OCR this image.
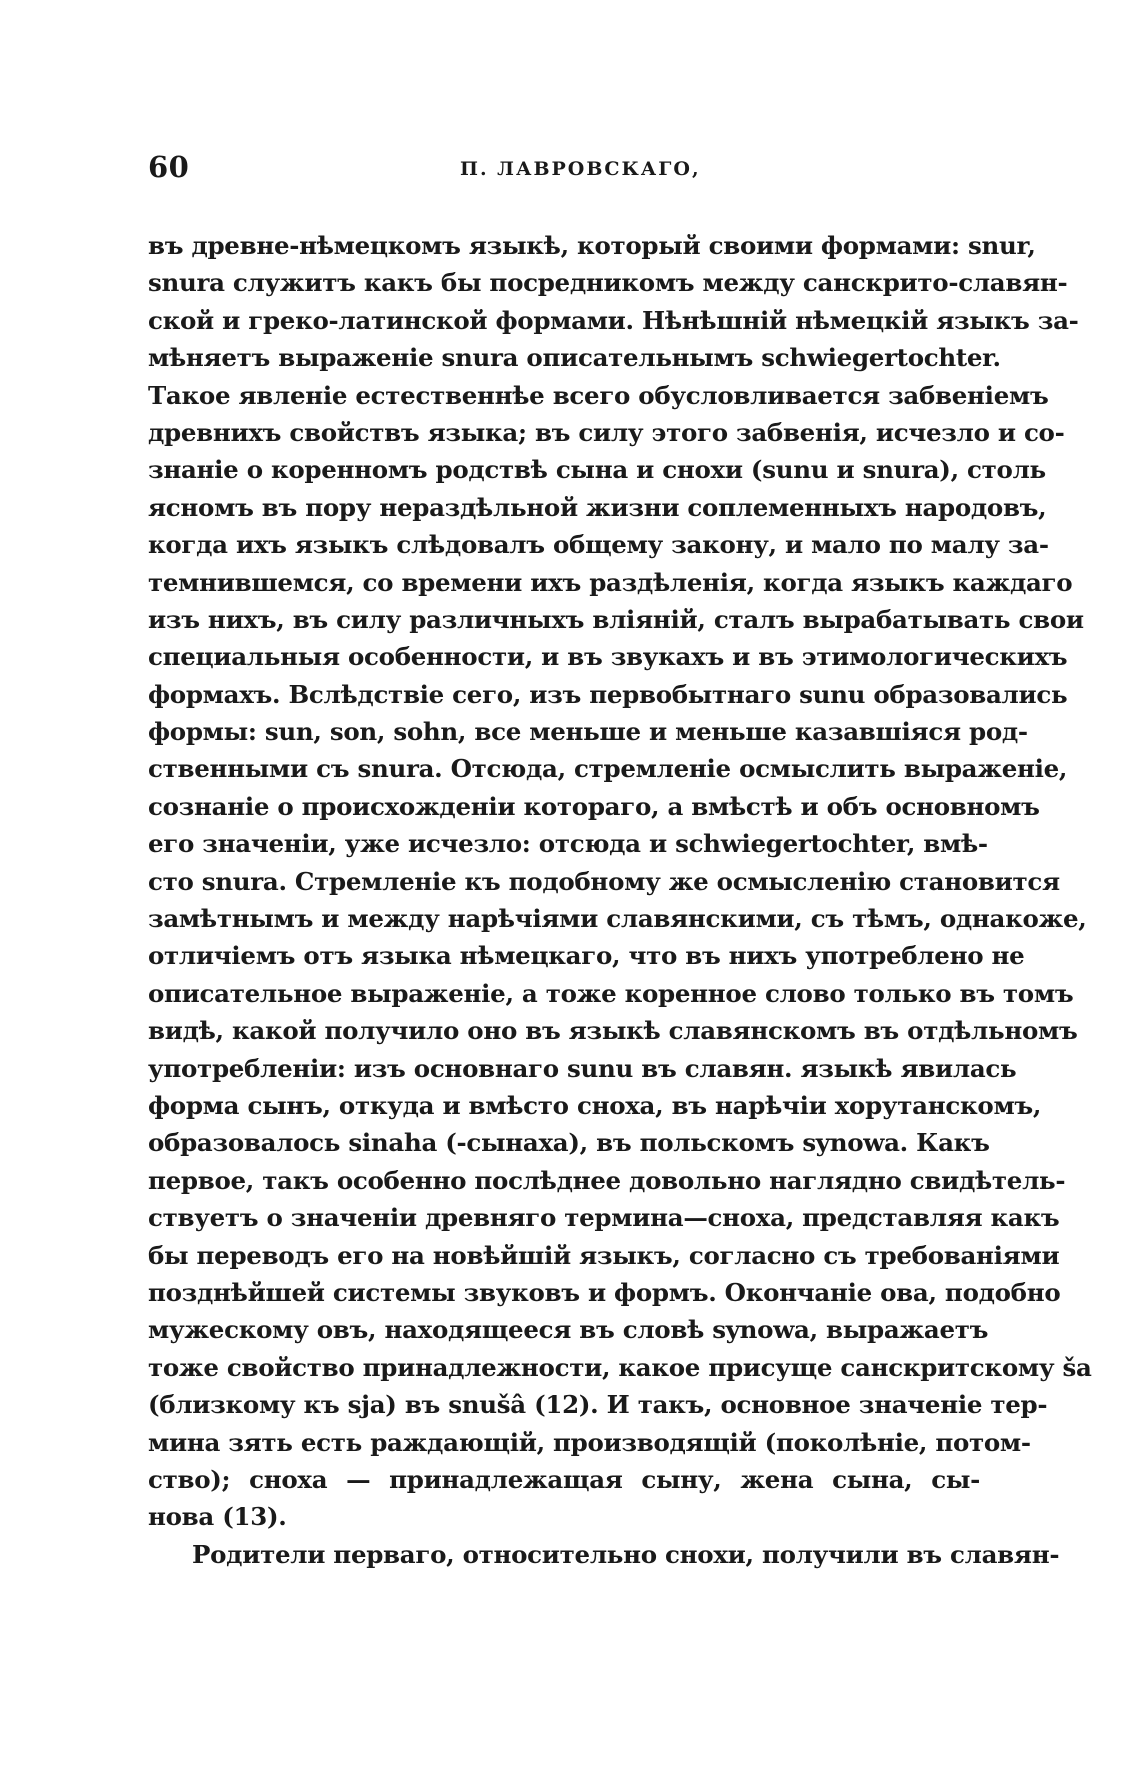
60	П. ЛАВРОВСКАГО,
въ древне-нѣмецкомъ языкѣ, который своими формами: snur,
snura служитъ какъ бы посредникомъ между санскрито-славян-
ской и греко-латинской формами. Нѣнѣшній нѣмецкій языкъ за-
мѣняетъ выраженіе snura описательнымъ schwiegertochter.
Такое явленіе естественнѣе всего обусловливается забвеніемъ
древнихъ свойствъ языка; въ силу этого забвенія, исчезло и со-
знаніе о коренномъ родствѣ сына и снохи (sunu и snura), столь
ясномъ въ пору нераздѣльной жизни соплеменныхъ народовъ,
когда ихъ языкъ слѣдовалъ общему закону, и мало по малу за-
темнившемся, со времени ихъ раздѣленія, когда языкъ каждаго
изъ нихъ, въ силу различныхъ вліяній, сталъ вырабатывать свои
специальныя особенности, и въ звукахъ и въ этимологическихъ
формахъ. Вслѣдствіе сего, изъ первобытнаго sunu образовались
формы: sun, son, sohn, все меньше и меньше казавшіяся род-
ственными съ snura. Отсюда, стремленіе осмыслить выраженіе,
сознаніе о происхожденіи котораго, а вмѣстѣ и объ основномъ
его значеніи, уже исчезло: отсюда и schwiegertochter, вмѣ-
сто snura. Стремленіе къ подобному же осмысленію становится
замѣтнымъ и между нарѣчіями славянскими, съ тѣмъ, однакоже,
отличіемъ отъ языка нѣмецкаго, что въ нихъ употреблено не
описательное выраженіе, а тоже коренное слово только въ томъ
видѣ, какой получило оно въ языкѣ славянскомъ въ отдѣльномъ
употребленіи: изъ основнаго sunu въ славян. языкѣ явилась
форма сынъ, откуда и вмѣсто сноха, въ нарѣчіи хорутанскомъ,
образовалось sinaha (-сынаха), въ польскомъ synowa. Какъ
первое, такъ особенно послѣднее довольно наглядно свидѣтель-
ствуетъ о значеніи древняго термина—сноха, представляя какъ
бы переводъ его на новѣйшій языкъ, согласно съ требованіями
позднѣйшей системы звуковъ и формъ. Окончаніе ова, подобно
мужескому овъ, находящееся въ словѣ synowa, выражаетъ
тоже свойство принадлежности, какое присуще санскритскому ša
(близкому къ sja) въ snušâ (12). И такъ, основное значеніе тер-
мина зять есть раждающій, производящій (поколѣніе, потом-
ство); сноха — принадлежащая сыну, жена сына, сы-
нова (13).
Родители перваго, относительно снохи, получили въ славян-
